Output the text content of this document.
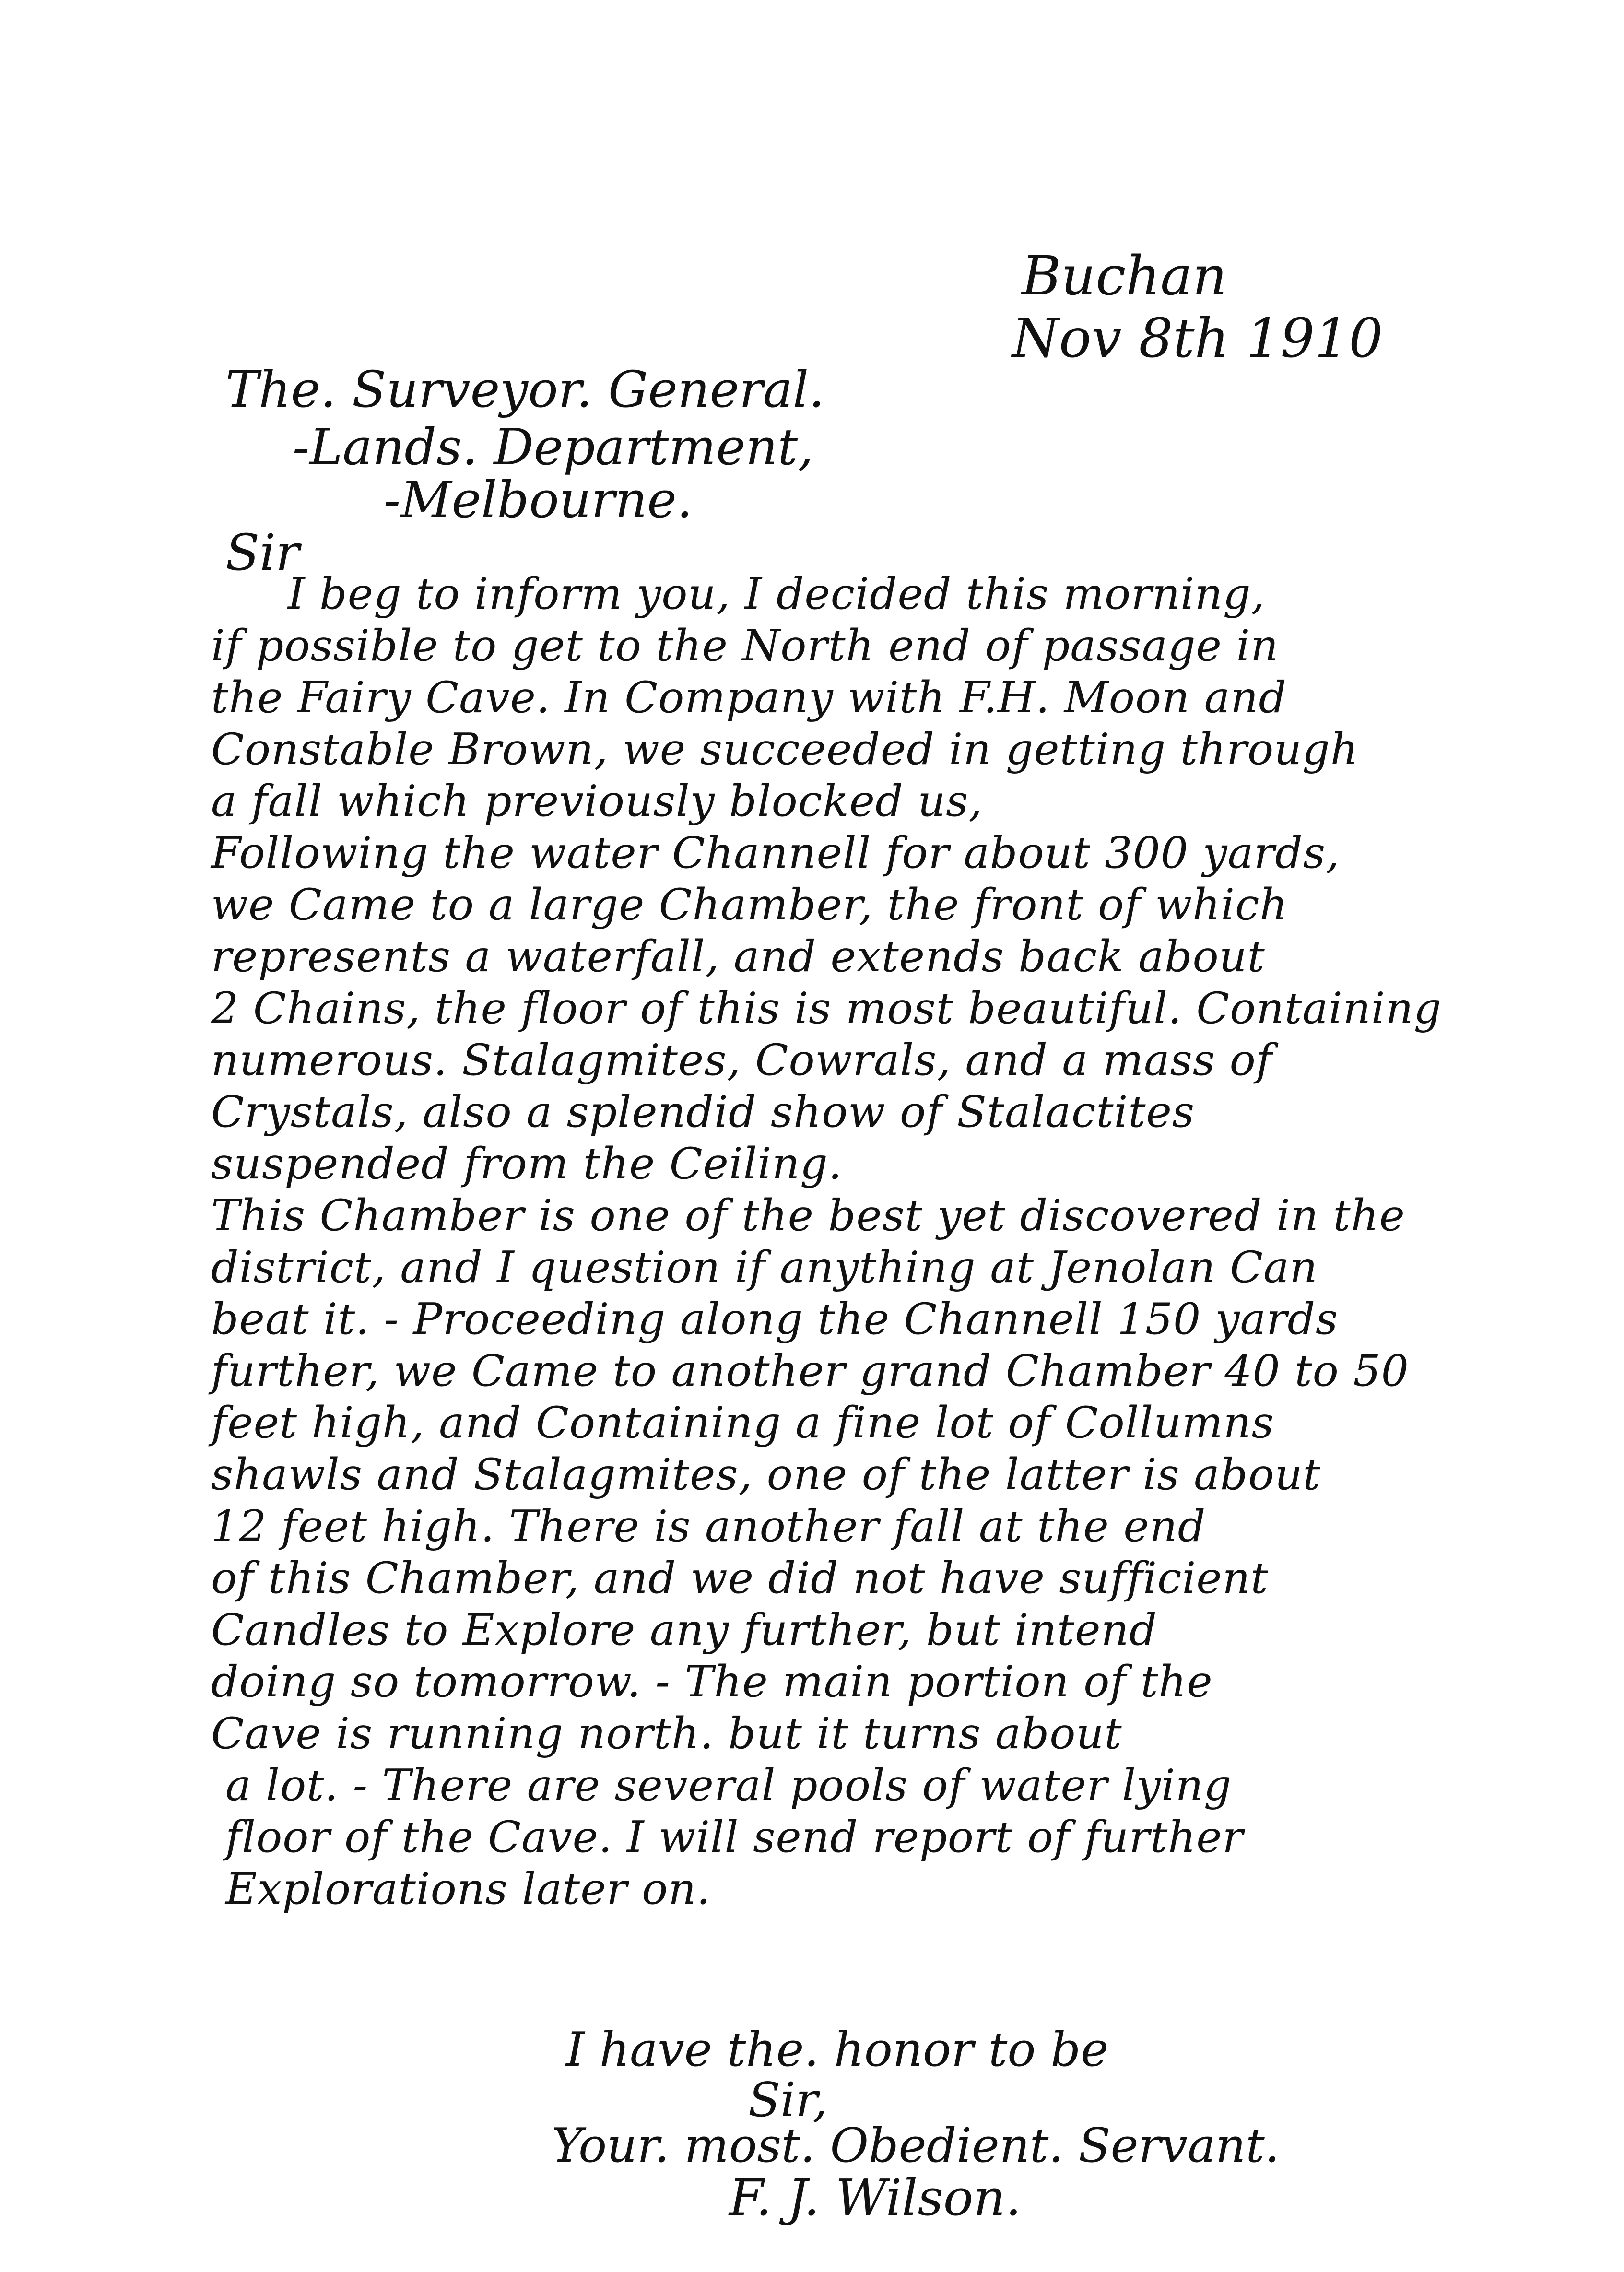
Buchan
Nov 8th 1910
The. Surveyor. General.
-Lands. Department,
-Melbourne.
Sir
I beg to inform you, I decided this morning,
if possible to get to the North end of passage in
the Fairy Cave. In Company with F.H. Moon and
Constable Brown, we succeeded in getting through
a fall which previously blocked us,
Following the water Channell for about 300 yards,
we Came to a large Chamber, the front of which
represents a waterfall, and extends back about
2 Chains, the floor of this is most beautiful. Containing
numerous. Stalagmites, Cowrals, and a mass of
Crystals, also a splendid show of Stalactites
suspended from the Ceiling.
This Chamber is one of the best yet discovered in the
district, and I question if anything at Jenolan Can
beat it. - Proceeding along the Channell 150 yards
further, we Came to another grand Chamber 40 to 50
feet high, and Containing a fine lot of Collumns
shawls and Stalagmites, one of the latter is about
12 feet high. There is another fall at the end
of this Chamber, and we did not have sufficient
Candles to Explore any further, but intend
doing so tomorrow. - The main portion of the
Cave is running north. but it turns about
a lot. - There are several pools of water lying
floor of the Cave. I will send report of further
Explorations later on.
I have the. honor to be
Sir,
Your. most. Obedient. Servant.
F. J. Wilson.
